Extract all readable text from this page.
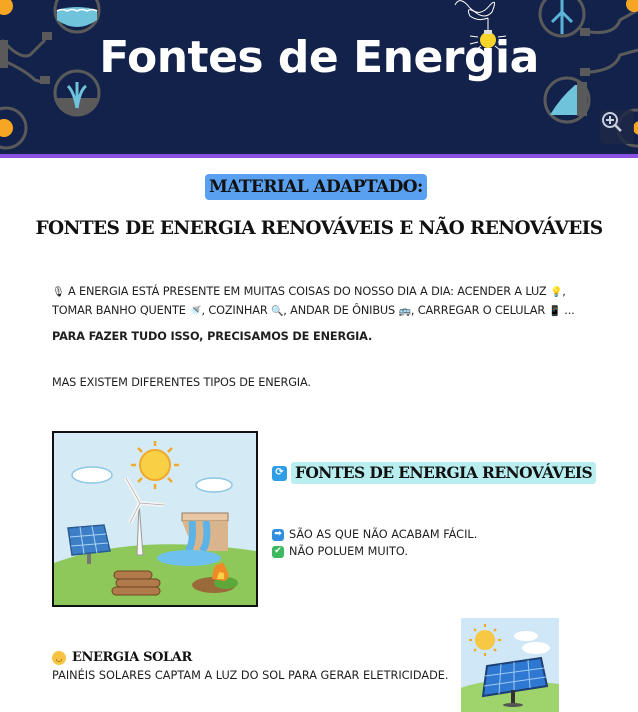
Fontes de Energia
MATERIAL ADAPTADO:
FONTES DE ENERGIA RENOVÁVEIS E NÃO RENOVÁVEIS
🎙 A ENERGIA ESTÁ PRESENTE EM MUITAS COISAS DO NOSSO DIA A DIA: ACENDER A LUZ 💡,
TOMAR BANHO QUENTE 🚿, COZINHAR 🔍, ANDAR DE ÔNIBUS 🚌, CARREGAR O CELULAR 📱 ...
PARA FAZER TUDO ISSO, PRECISAMOS DE ENERGIA.
MAS EXISTEM DIFERENTES TIPOS DE ENERGIA.
⟳ FONTES DE ENERGIA RENOVÁVEIS
➡ SÃO AS QUE NÃO ACABAM FÁCIL.
✔ NÃO POLUEM MUITO.
◡ ENERGIA SOLAR
PAINÉIS SOLARES CAPTAM A LUZ DO SOL PARA GERAR ELETRICIDADE.
